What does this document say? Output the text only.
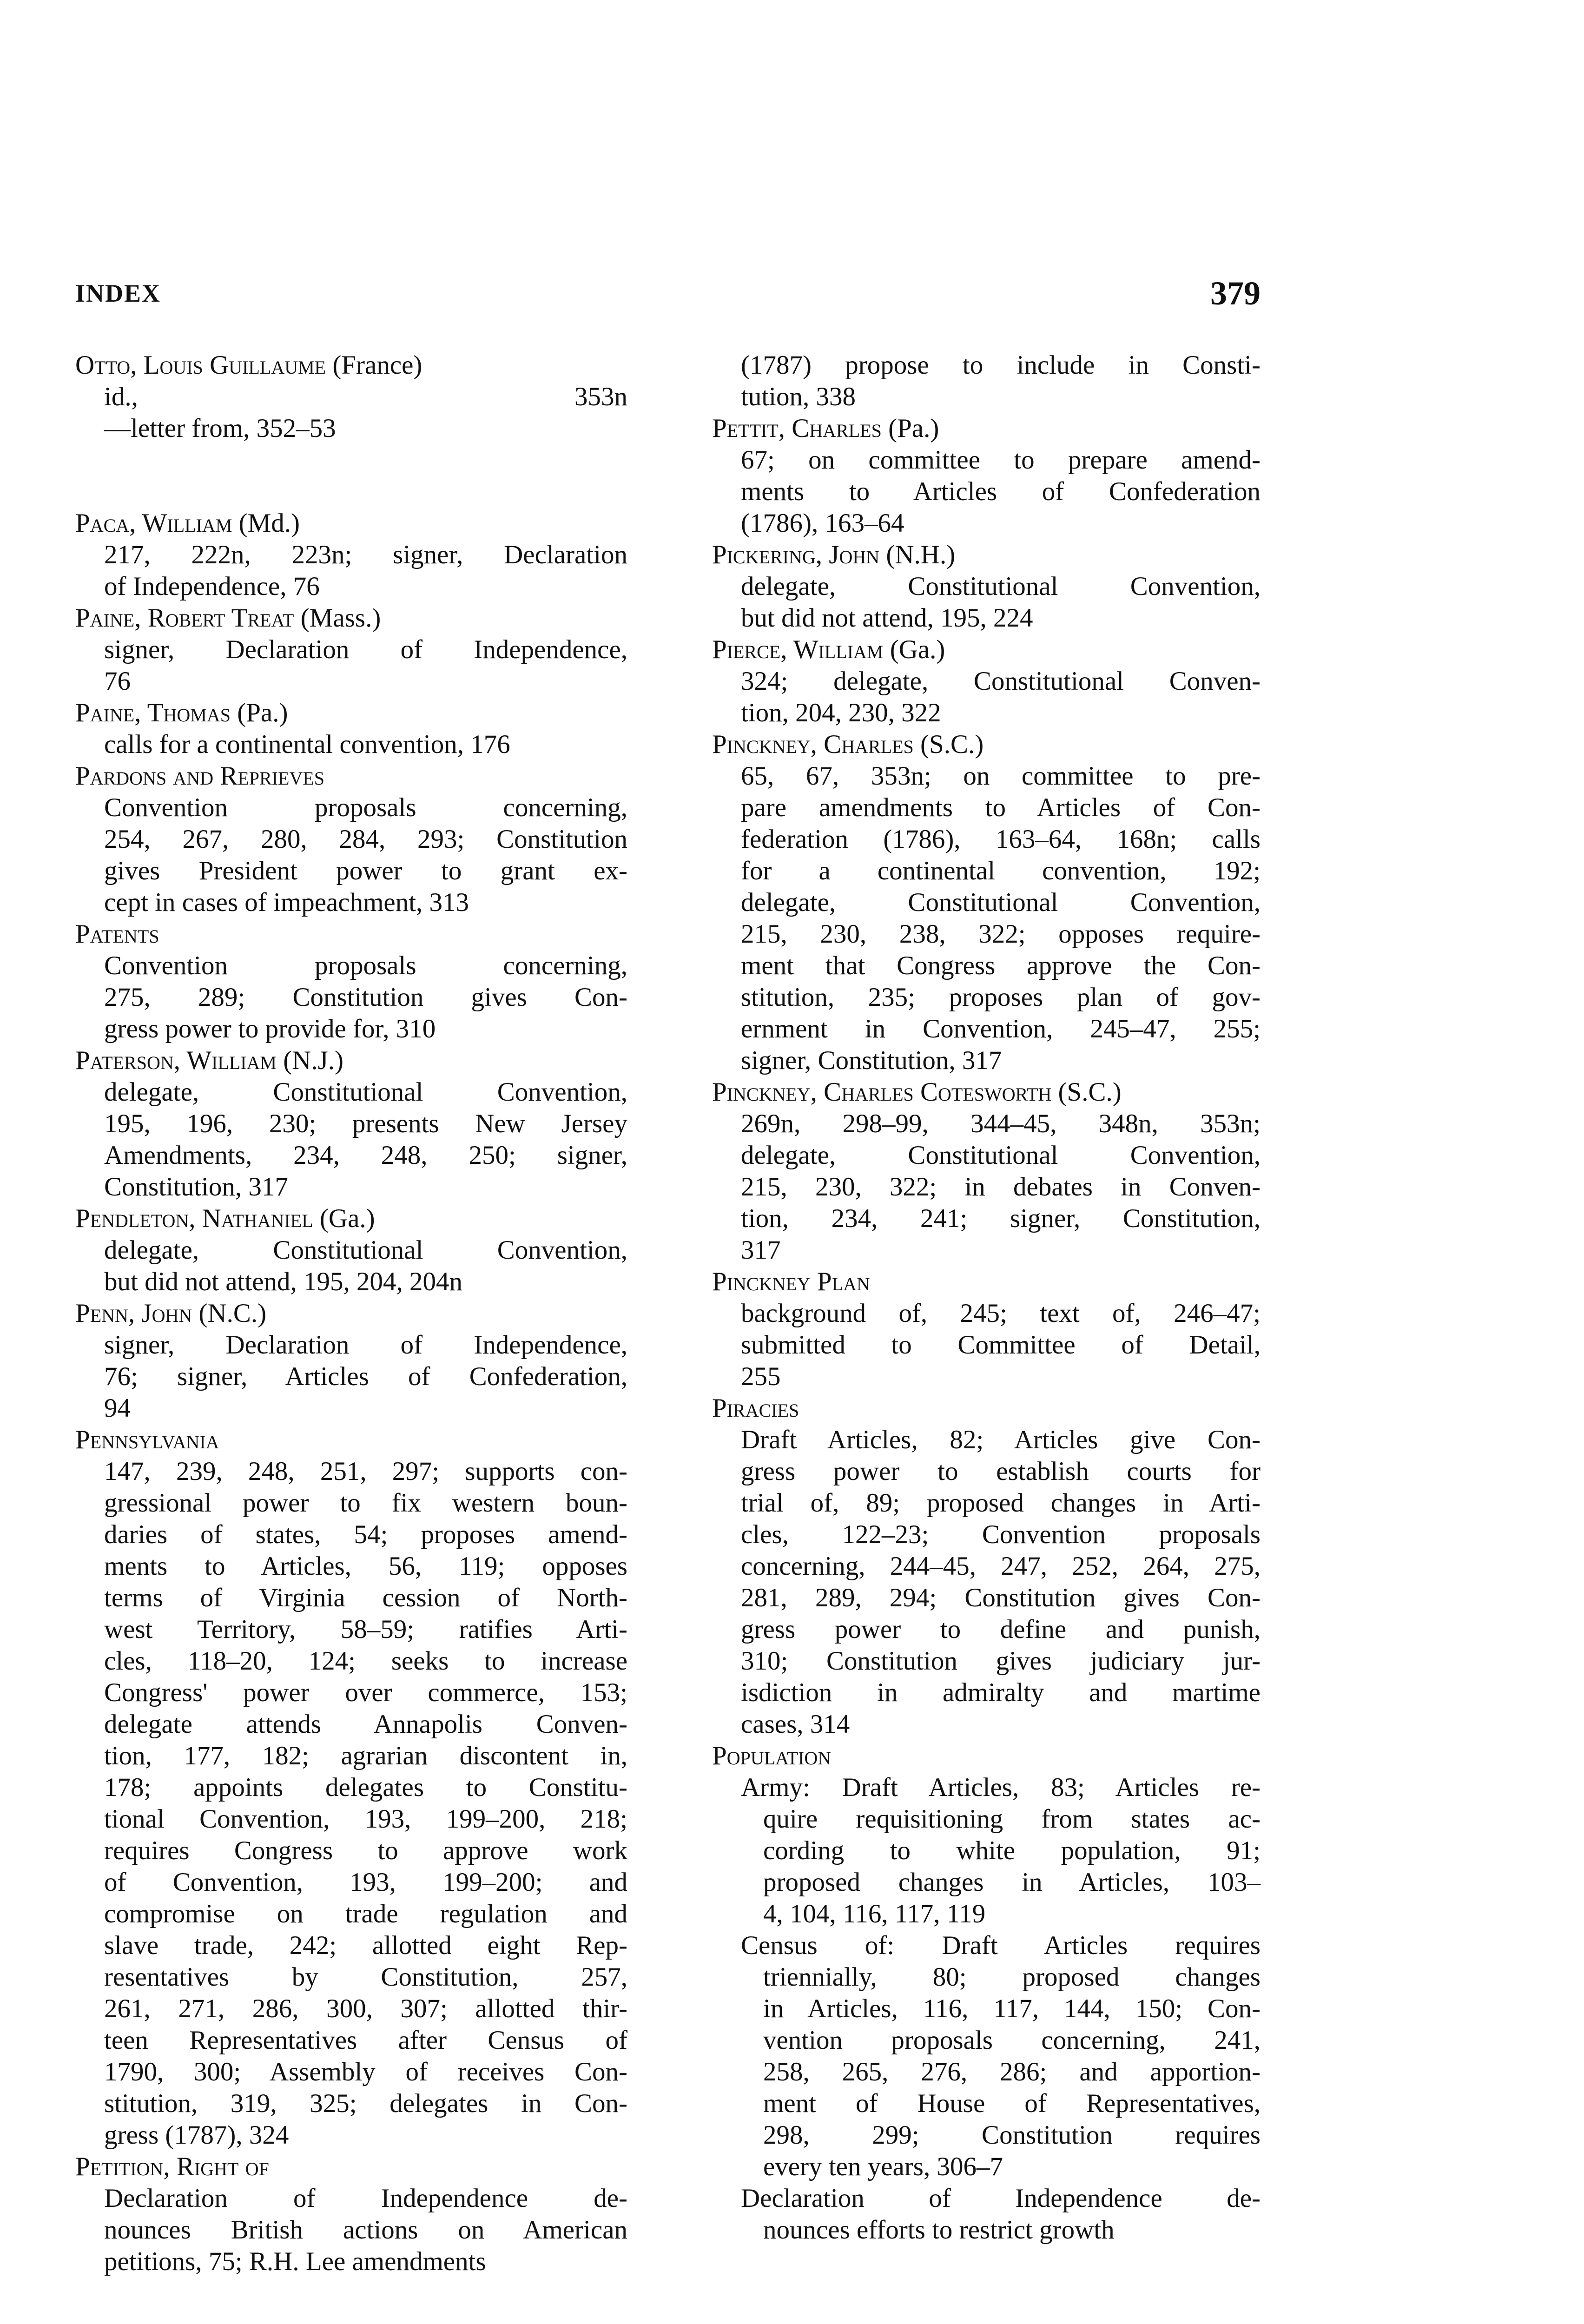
INDEX	379
Otto, Louis Guillaume (France)
id., 353n
—letter from, 352–53
Paca, William (Md.)
217, 222n, 223n; signer, Declaration
of Independence, 76
Paine, Robert Treat (Mass.)
signer, Declaration of Independence,
76
Paine, Thomas (Pa.)
calls for a continental convention, 176
Pardons and Reprieves
Convention proposals concerning,
254, 267, 280, 284, 293; Constitution
gives President power to grant ex-
cept in cases of impeachment, 313
Patents
Convention proposals concerning,
275, 289; Constitution gives Con-
gress power to provide for, 310
Paterson, William (N.J.)
delegate, Constitutional Convention,
195, 196, 230; presents New Jersey
Amendments, 234, 248, 250; signer,
Constitution, 317
Pendleton, Nathaniel (Ga.)
delegate, Constitutional Convention,
but did not attend, 195, 204, 204n
Penn, John (N.C.)
signer, Declaration of Independence,
76; signer, Articles of Confederation,
94
Pennsylvania
147, 239, 248, 251, 297; supports con-
gressional power to fix western boun-
daries of states, 54; proposes amend-
ments to Articles, 56, 119; opposes
terms of Virginia cession of North-
west Territory, 58–59; ratifies Arti-
cles, 118–20, 124; seeks to increase
Congress' power over commerce, 153;
delegate attends Annapolis Conven-
tion, 177, 182; agrarian discontent in,
178; appoints delegates to Constitu-
tional Convention, 193, 199–200, 218;
requires Congress to approve work
of Convention, 193, 199–200; and
compromise on trade regulation and
slave trade, 242; allotted eight Rep-
resentatives by Constitution, 257,
261, 271, 286, 300, 307; allotted thir-
teen Representatives after Census of
1790, 300; Assembly of receives Con-
stitution, 319, 325; delegates in Con-
gress (1787), 324
Petition, Right of
Declaration of Independence de-
nounces British actions on American
petitions, 75; R.H. Lee amendments
(1787) propose to include in Consti-
tution, 338
Pettit, Charles (Pa.)
67; on committee to prepare amend-
ments to Articles of Confederation
(1786), 163–64
Pickering, John (N.H.)
delegate, Constitutional Convention,
but did not attend, 195, 224
Pierce, William (Ga.)
324; delegate, Constitutional Conven-
tion, 204, 230, 322
Pinckney, Charles (S.C.)
65, 67, 353n; on committee to pre-
pare amendments to Articles of Con-
federation (1786), 163–64, 168n; calls
for a continental convention, 192;
delegate, Constitutional Convention,
215, 230, 238, 322; opposes require-
ment that Congress approve the Con-
stitution, 235; proposes plan of gov-
ernment in Convention, 245–47, 255;
signer, Constitution, 317
Pinckney, Charles Cotesworth (S.C.)
269n, 298–99, 344–45, 348n, 353n;
delegate, Constitutional Convention,
215, 230, 322; in debates in Conven-
tion, 234, 241; signer, Constitution,
317
Pinckney Plan
background of, 245; text of, 246–47;
submitted to Committee of Detail,
255
Piracies
Draft Articles, 82; Articles give Con-
gress power to establish courts for
trial of, 89; proposed changes in Arti-
cles, 122–23; Convention proposals
concerning, 244–45, 247, 252, 264, 275,
281, 289, 294; Constitution gives Con-
gress power to define and punish,
310; Constitution gives judiciary jur-
isdiction in admiralty and martime
cases, 314
Population
Army: Draft Articles, 83; Articles re-
quire requisitioning from states ac-
cording to white population, 91;
proposed changes in Articles, 103–
4, 104, 116, 117, 119
Census of: Draft Articles requires
triennially, 80; proposed changes
in Articles, 116, 117, 144, 150; Con-
vention proposals concerning, 241,
258, 265, 276, 286; and apportion-
ment of House of Representatives,
298, 299; Constitution requires
every ten years, 306–7
Declaration of Independence de-
nounces efforts to restrict growth
